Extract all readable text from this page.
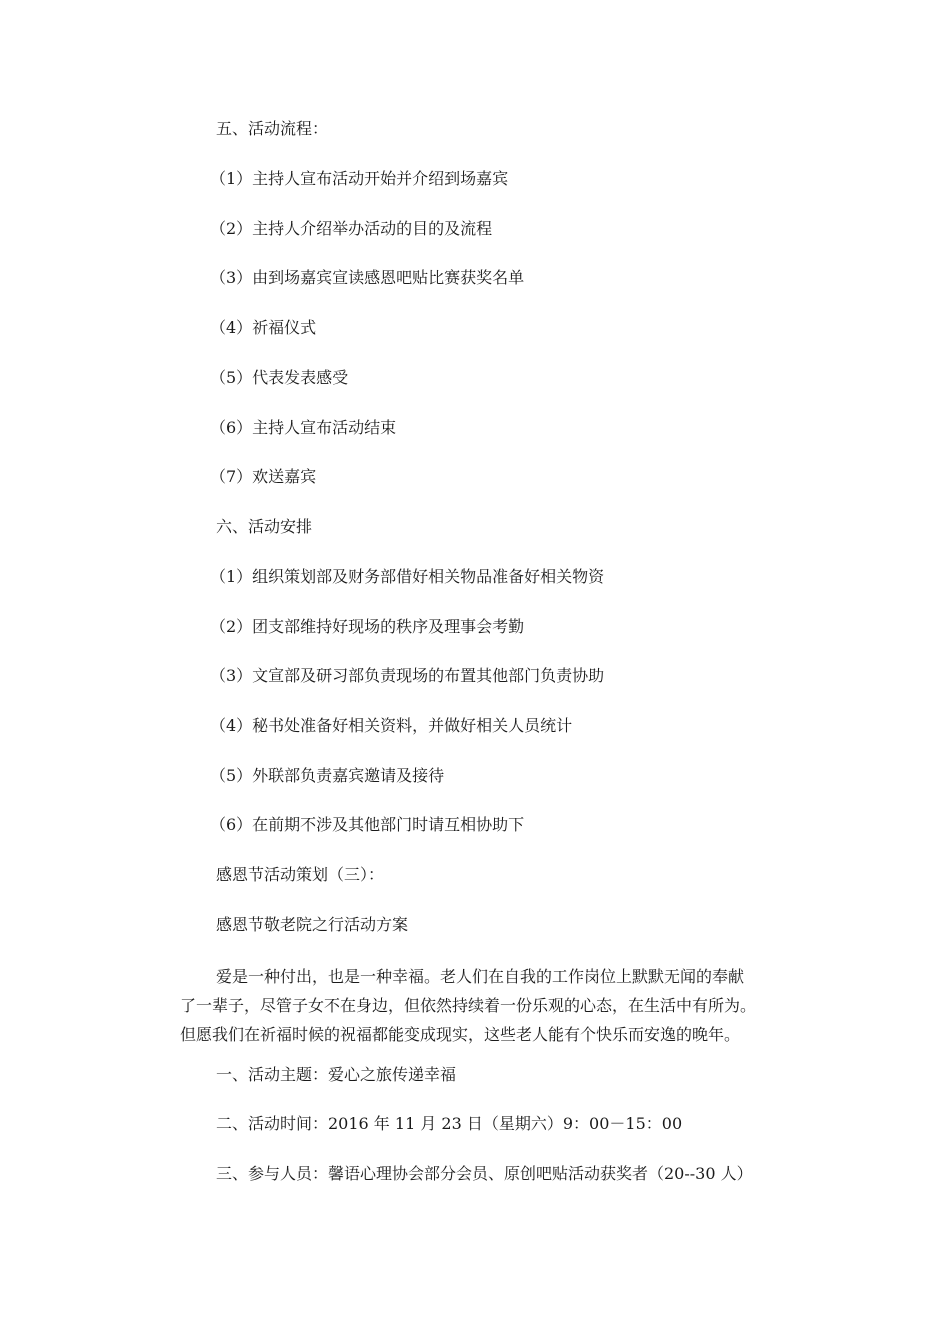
五、活动流程：
（1）主持人宣布活动开始并介绍到场嘉宾
（2）主持人介绍举办活动的目的及流程
（3）由到场嘉宾宣读感恩吧贴比赛获奖名单
（4）祈福仪式
（5）代表发表感受
（6）主持人宣布活动结束
（7）欢送嘉宾
六、活动安排
（1）组织策划部及财务部借好相关物品准备好相关物资
（2）团支部维持好现场的秩序及理事会考勤
（3）文宣部及研习部负责现场的布置其他部门负责协助
（4）秘书处准备好相关资料，并做好相关人员统计
（5）外联部负责嘉宾邀请及接待
（6）在前期不涉及其他部门时请互相协助下
感恩节活动策划（三）：
感恩节敬老院之行活动方案
爱是一种付出，也是一种幸福。老人们在自我的工作岗位上默默无闻的奉献
了一辈子，尽管子女不在身边，但依然持续着一份乐观的心态，在生活中有所为。
但愿我们在祈福时候的祝福都能变成现实，这些老人能有个快乐而安逸的晚年。
一、活动主题：爱心之旅传递幸福
二、活动时间：2016 年 11 月 23 日（星期六）9：00－15：00
三、参与人员：馨语心理协会部分会员、原创吧贴活动获奖者（20--30 人）
